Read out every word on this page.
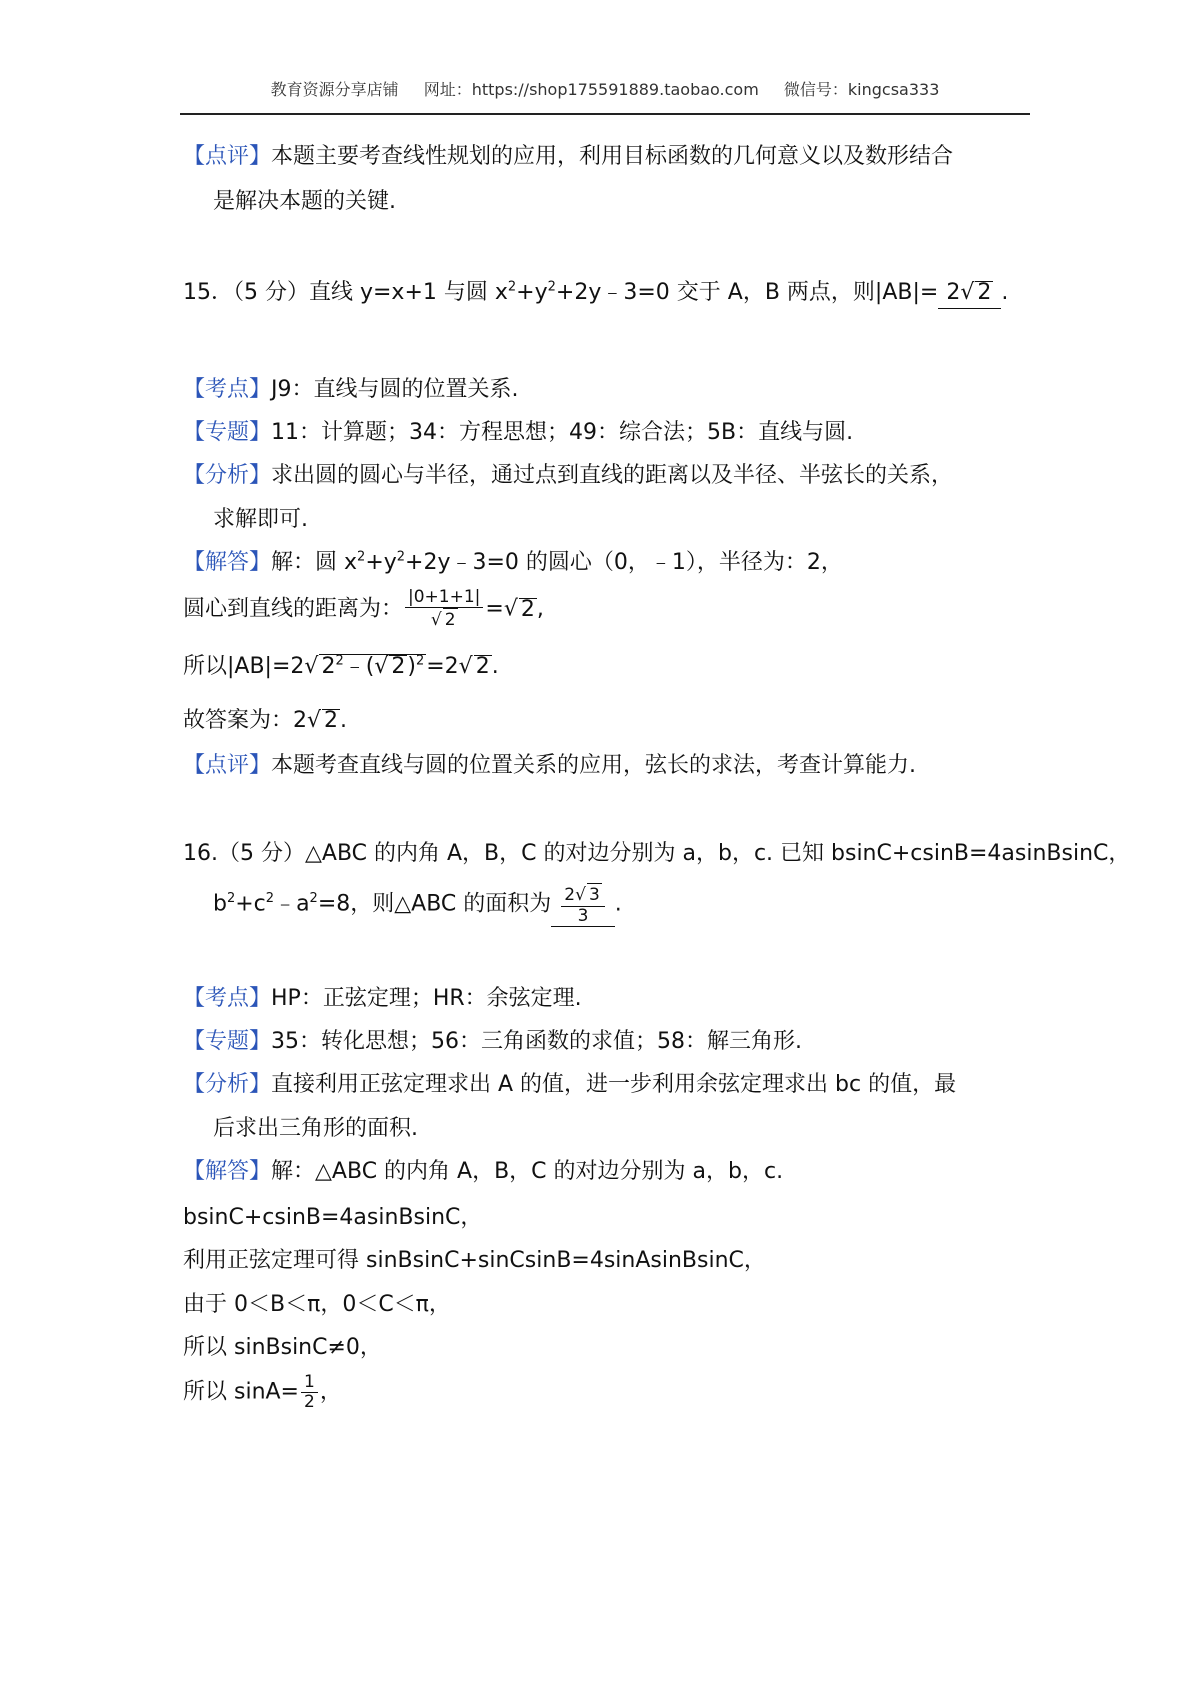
教育资源分享店铺 网址：https://shop175591889.taobao.com 微信号：kingcsa333
【点评】本题主要考查线性规划的应用，利用目标函数的几何意义以及数形结合
是解决本题的关键.
15．（5 分）直线 y=x+1 与圆 $x^2+y^2+2y﹣3=0$ 交于 A，B 两点，则|AB|= 2√ 2 .
【考点】J9：直线与圆的位置关系.
【专题】11：计算题；34：方程思想；49：综合法；5B：直线与圆.
【分析】求出圆的圆心与半径，通过点到直线的距离以及半径、半弦长的关系，
求解即可.
【解答】解：圆 $x^2+y^2+2y﹣3=0$ 的圆心（0，﹣1），半径为：2，
圆心到直线的距离为： $\frac{|0+1+1|}{√ 2}$ =√ 2,
所以|AB|=2√ $2^2﹣(√$ 2)$^2$=2√ 2.
故答案为：2√ 2.
【点评】本题考查直线与圆的位置关系的应用，弦长的求法，考查计算能力.
16.（5 分）△ABC 的内角 A，B，C 的对边分别为 a，b，c. 已知 bsinC+csinB=4asinBsinC，
$b^2+c^2﹣a^2=8$，则△ABC 的面积为 $\frac{2√ 3}{3}$ .
【考点】HP：正弦定理；HR：余弦定理.
【专题】35：转化思想；56：三角函数的求值；58：解三角形.
【分析】直接利用正弦定理求出 A 的值，进一步利用余弦定理求出 bc 的值，最
后求出三角形的面积.
【解答】解：△ABC 的内角 A，B，C 的对边分别为 a，b，c.
bsinC+csinB=4asinBsinC，
利用正弦定理可得 sinBsinC+sinCsinB=4sinAsinBsinC，
由于 0＜B＜π，0＜C＜π，
所以 sinBsinC≠0，
所以 $\sin A= \frac{1}{2}$ ，
